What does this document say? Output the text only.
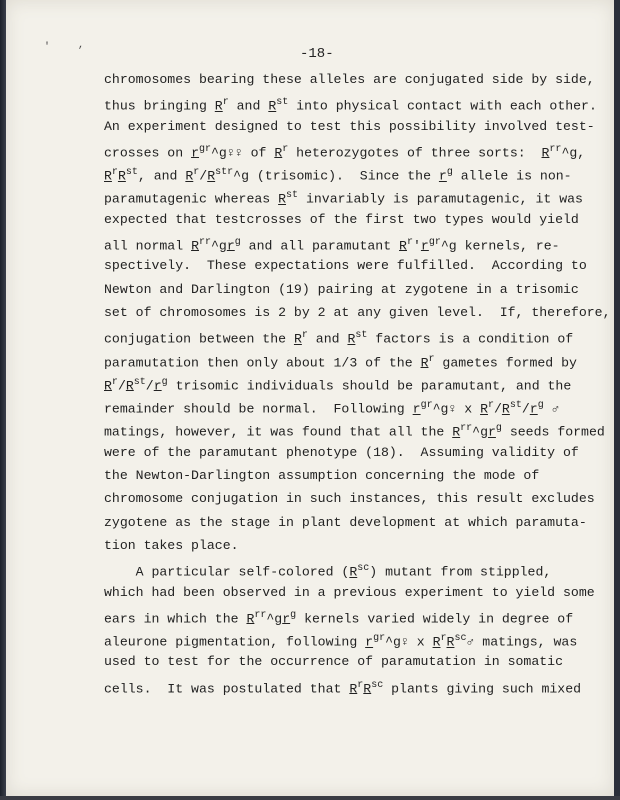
'	,
-18-
chromosomes bearing these alleles are conjugated side by side,
thus bringing $R^r$ and $R^{st}$ into physical contact with each other.
An experiment designed to test this possibility involved test-
crosses on $r^{gr}\^{}g♀♀$ of $R^r$ heterozygotes of three sorts:  $R^{rr}\^{}g$,
$R^rR^{st}$, and $R^r/R^{str}\^{}g$ (trisomic).  Since the $r^g$ allele is non-
paramutagenic whereas $R^{st}$ invariably is paramutagenic, it was
expected that testcrosses of the first two types would yield
all normal $R^{rr}\^{}gr^g$ and all paramutant $R^r'r^{gr}\^{}g$ kernels, re-
spectively.  These expectations were fulfilled.  According to
Newton and Darlington (19) pairing at zygotene in a trisomic
set of chromosomes is 2 by 2 at any given level.  If, therefore,
conjugation between the $R^r$ and $R^{st}$ factors is a condition of
paramutation then only about 1/3 of the $R^r$ gametes formed by
$R^r/R^{st}/r^g$ trisomic individuals should be paramutant, and the
remainder should be normal.  Following $r^{gr}\^{}g♀$ x $R^r/R^{st}/r^g$ ♂
matings, however, it was found that all the $R^{rr}\^{}gr^g$ seeds formed
were of the paramutant phenotype (18).  Assuming validity of
the Newton-Darlington assumption concerning the mode of
chromosome conjugation in such instances, this result excludes
zygotene as the stage in plant development at which paramuta-
tion takes place.
A particular self-colored $(R^{sc})$ mutant from stippled,
which had been observed in a previous experiment to yield some
ears in which the $R^{rr}\^{}gr^g$ kernels varied widely in degree of
aleurone pigmentation, following $r^{gr}\^{}g♀$ x $R^rR^{sc}♂$ matings, was
used to test for the occurrence of paramutation in somatic
cells.  It was postulated that $R^rR^{sc}$ plants giving such mixed
